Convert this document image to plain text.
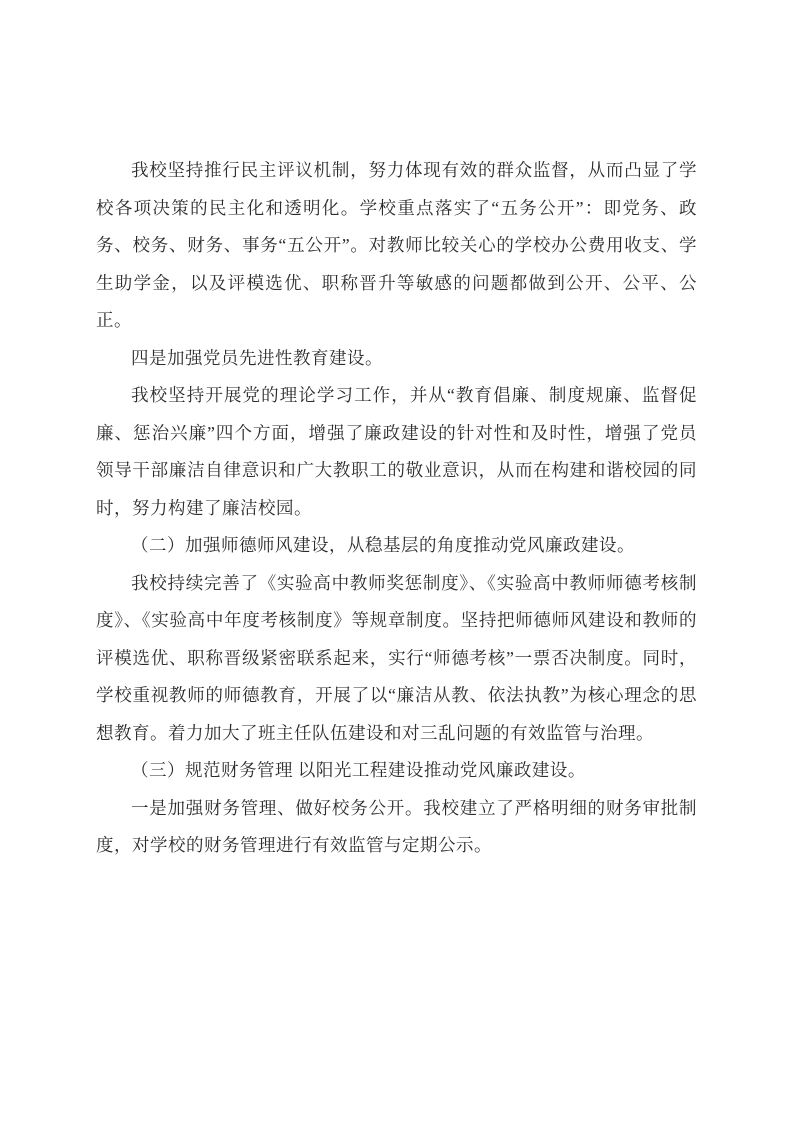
我校坚持推行民主评议机制，努力体现有效的群众监督，从而凸显了学校各项决策的民主化和透明化。学校重点落实了“五务公开”：即党务、政务、校务、财务、事务“五公开”。对教师比较关心的学校办公费用收支、学生助学金，以及评模选优、职称晋升等敏感的问题都做到公开、公平、公正。

四是加强党员先进性教育建设。

我校坚持开展党的理论学习工作，并从“教育倡廉、制度规廉、监督促廉、惩治兴廉”四个方面，增强了廉政建设的针对性和及时性，增强了党员领导干部廉洁自律意识和广大教职工的敬业意识，从而在构建和谐校园的同时，努力构建了廉洁校园。

（二）加强师德师风建设，从稳基层的角度推动党风廉政建设。

我校持续完善了《实验高中教师奖惩制度》、《实验高中教师师德考核制度》、《实验高中年度考核制度》等规章制度。坚持把师德师风建设和教师的评模选优、职称晋级紧密联系起来，实行“师德考核”一票否决制度。同时，学校重视教师的师德教育，开展了以“廉洁从教、依法执教”为核心理念的思想教育。着力加大了班主任队伍建设和对三乱问题的有效监管与治理。

（三）规范财务管理 以阳光工程建设推动党风廉政建设。

一是加强财务管理、做好校务公开。我校建立了严格明细的财务审批制度，对学校的财务管理进行有效监管与定期公示。
